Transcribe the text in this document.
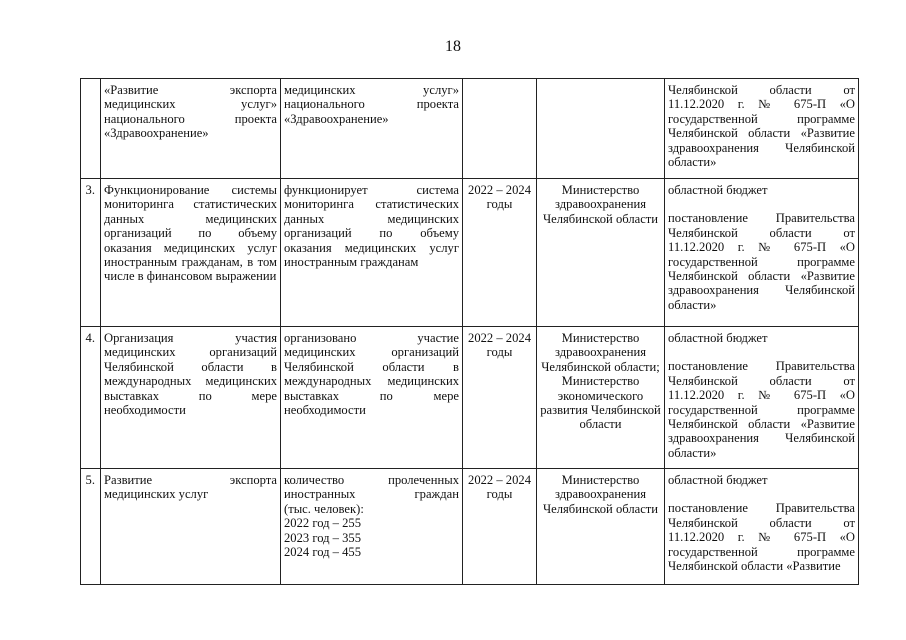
18
	«Развитие экспорта медицинских услуг» национального проекта «Здравоохранение»	медицинских услуг» национального проекта «Здравоохранение»			Челябинской области от 11.12.2020 г. № 675-П «О государственной программе Челябинской области «Развитие здравоохранения Челябинской области»

3.	Функционирование системы мониторинга статистических данных медицинских организаций по объему оказания медицинских услуг иностранным гражданам, в том числе в финансовом выражении	функционирует система мониторинга статистических данных медицинских организаций по объему оказания медицинских услуг иностранным гражданам	2022 – 2024 годы	Министерство здравоохранения Челябинской области	областной бюджет
постановление Правительства Челябинской области от 11.12.2020 г. № 675-П «О государственной программе Челябинской области «Развитие здравоохранения Челябинской области»

4.	Организация участия медицинских организаций Челябинской области в международных медицинских выставках по мере необходимости	организовано участие медицинских организаций Челябинской области в международных медицинских выставках по мере необходимости	2022 – 2024 годы	Министерство здравоохранения Челябинской области; Министерство экономического развития Челябинской области	областной бюджет
постановление Правительства Челябинской области от 11.12.2020 г. № 675-П «О государственной программе Челябинской области «Развитие здравоохранения Челябинской области»

5.	Развитие экспорта медицинских услуг	количество пролеченных иностранных граждан
(тыс. человек):
2022 год – 255
2023 год – 355
2024 год – 455	2022 – 2024 годы	Министерство здравоохранения Челябинской области	областной бюджет
постановление Правительства Челябинской области от 11.12.2020 г. № 675-П «О государственной программе Челябинской области «Развитие
